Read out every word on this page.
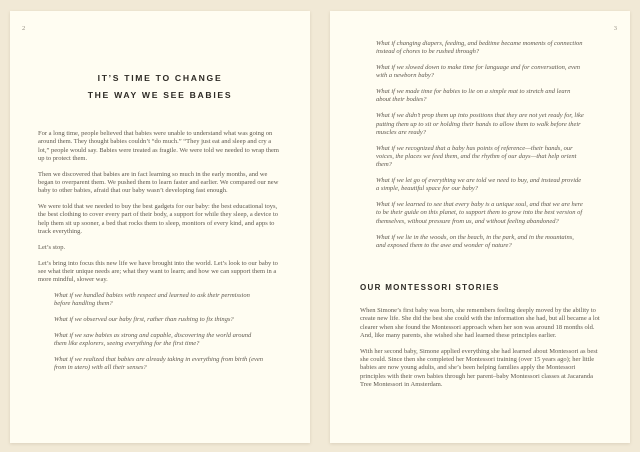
2
IT’S TIME TO CHANGE
THE WAY WE SEE BABIES

For a long time, people believed that babies were unable to understand what was going on around them. They thought babies couldn’t “do much.” “They just eat and sleep and cry a lot,” people would say. Babies were treated as fragile. We were told we needed to wrap them up to protect them.

Then we discovered that babies are in fact learning so much in the early months, and we began to overparent them. We pushed them to learn faster and earlier. We compared our new baby to other babies, afraid that our baby wasn’t developing fast enough.

We were told that we needed to buy the best gadgets for our baby: the best educational toys, the best clothing to cover every part of their body, a support for while they sleep, a device to help them sit up sooner, a bed that rocks them to sleep, monitors of every kind, and apps to track everything.

Let’s stop.

Let’s bring into focus this new life we have brought into the world. Let’s look to our baby to see what their unique needs are; what they want to learn; and how we can support them in a more mindful, slower way.

What if we handled babies with respect and learned to ask their permission before handling them?

What if we observed our baby first, rather than rushing to fix things?

What if we saw babies as strong and capable, discovering the world around them like explorers, seeing everything for the first time?

What if we realized that babies are already taking in everything from birth (even from in utero) with all their senses?

3

What if changing diapers, feeding, and bedtime became moments of connection instead of chores to be rushed through?

What if we slowed down to make time for language and for conversation, even with a newborn baby?

What if we made time for babies to lie on a simple mat to stretch and learn about their bodies?

What if we didn’t prop them up into positions that they are not yet ready for, like putting them up to sit or holding their hands to allow them to walk before their muscles are ready?

What if we recognized that a baby has points of reference—their hands, our voices, the places we feed them, and the rhythm of our days—that help orient them?

What if we let go of everything we are told we need to buy, and instead provide a simple, beautiful space for our baby?

What if we learned to see that every baby is a unique soul, and that we are here to be their guide on this planet, to support them to grow into the best version of themselves, without pressure from us, and without feeling abandoned?

What if we lie in the woods, on the beach, in the park, and in the mountains, and exposed them to the awe and wonder of nature?

OUR MONTESSORI STORIES

When Simone’s first baby was born, she remembers feeling deeply moved by the ability to create new life. She did the best she could with the information she had, but all became a lot clearer when she found the Montessori approach when her son was around 18 months old. And, like many parents, she wished she had learned these principles earlier.

With her second baby, Simone applied everything she had learned about Montessori as best she could. Since then she completed her Montessori training (over 15 years ago); her little babies are now young adults, and she’s been helping families apply the Montessori principles with their own babies through her parent–baby Montessori classes at Jacaranda Tree Montessori in Amsterdam.
